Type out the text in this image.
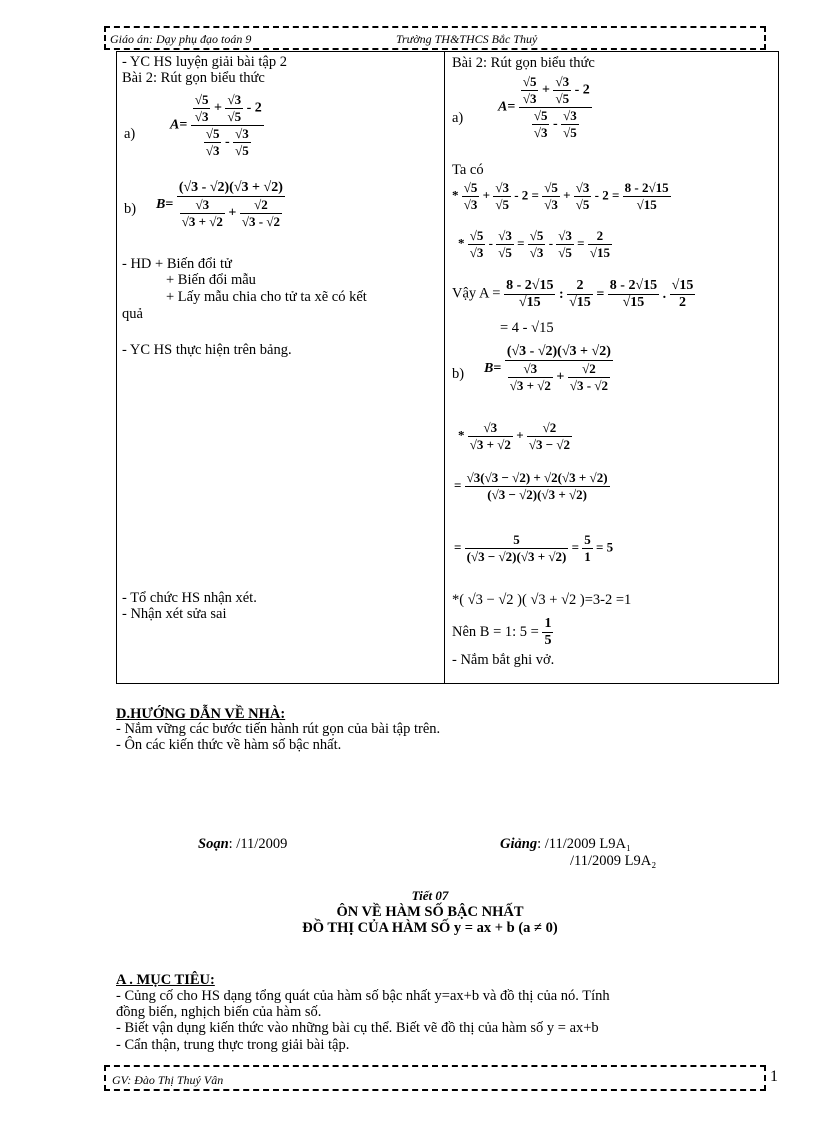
Giáo án: Dạy phụ đạo toán 9	Trường TH&THCS Bắc Thuỷ
- YC HS luyện giải bài tập 2
Bài 2: Rút gọn biểu thức
a)
$A= \frac{\frac{√5}{√3} + \frac{√3}{√5} - 2}{\frac{√5}{√3} - \frac{√3}{√5}}$
b) $B= \frac{(√3 - √2)(√3 + √2)}{\frac{√3}{√3 + √2} + \frac{√2}{√3 - √2}}$
- HD + Biến đổi tử
+ Biến đổi mẫu
+ Lấy mẫu chia cho tử ta xẽ có kết
quả
- YC HS thực hiện trên bảng.
- Tổ chức HS nhận xét.
- Nhận xét sửa sai
Bài 2: Rút gọn biểu thức
a)
$A= \frac{\frac{√5}{√3} + \frac{√3}{√5} - 2}{\frac{√5}{√3} - \frac{√3}{√5}}$
Ta có
* $\frac{√5}{√3} + \frac{√3}{√5} - 2 = \frac{√5}{√3} + \frac{√3}{√5} - 2 = \frac{8 - 2√15}{√15}$
* $\frac{√5}{√3} - \frac{√3}{√5} = \frac{√5}{√3} - \frac{√3}{√5} = \frac{2}{√15}$
Vậy $A = \frac{8 - 2√15}{√15}$ : $\frac{2}{√15} = \frac{8 - 2√15}{√15}$ . $\frac{√15}{2}$
= 4 - √15
b) $B= \frac{(√3 - √2)(√3 + √2)}{\frac{√3}{√3 + √2} + \frac{√2}{√3 - √2}}$
* $\frac{√3}{√3 + √2} + \frac{√2}{√3 - √2}$
= $\frac{√3(√3 - √2) + √2(√3 + √2)}{(√3 - √2)(√3 + √2)}$
= $\frac{5}{(√3 - √2)(√3 + √2)} = \frac{5}{1} = 5$
*( √3 − √2 )( √3 + √2 )=3-2 =1
Nên B = 1: $5 = \frac{1}{5}$
- Nắm bắt ghi vở.
D.HƯỚNG DẪN VỀ NHÀ:
- Nắm vững các bước tiến hành rút gọn của bài tập trên.
- Ôn các kiến thức về hàm số bậc nhất.
Soạn: /11/2009	Giảng: /11/2009 L9A₁
/11/2009 L9A₂
Tiết 07
ÔN VỀ HÀM SỐ BẬC NHẤT
ĐỒ THỊ CỦA HÀM SỐ y = ax + b (a ≠ 0)
A . MỤC TIÊU:
- Củng cố cho HS dạng tổng quát của hàm số bậc nhất y=ax+b và đồ thị của nó. Tính
đồng biến, nghịch biến của hàm số.
- Biết vận dụng kiến thức vào những bài cụ thể. Biết vẽ đồ thị của hàm số y = ax+b
- Cẩn thận, trung thực trong giải bài tập.
GV: Đào Thị Thuý Vân	1
